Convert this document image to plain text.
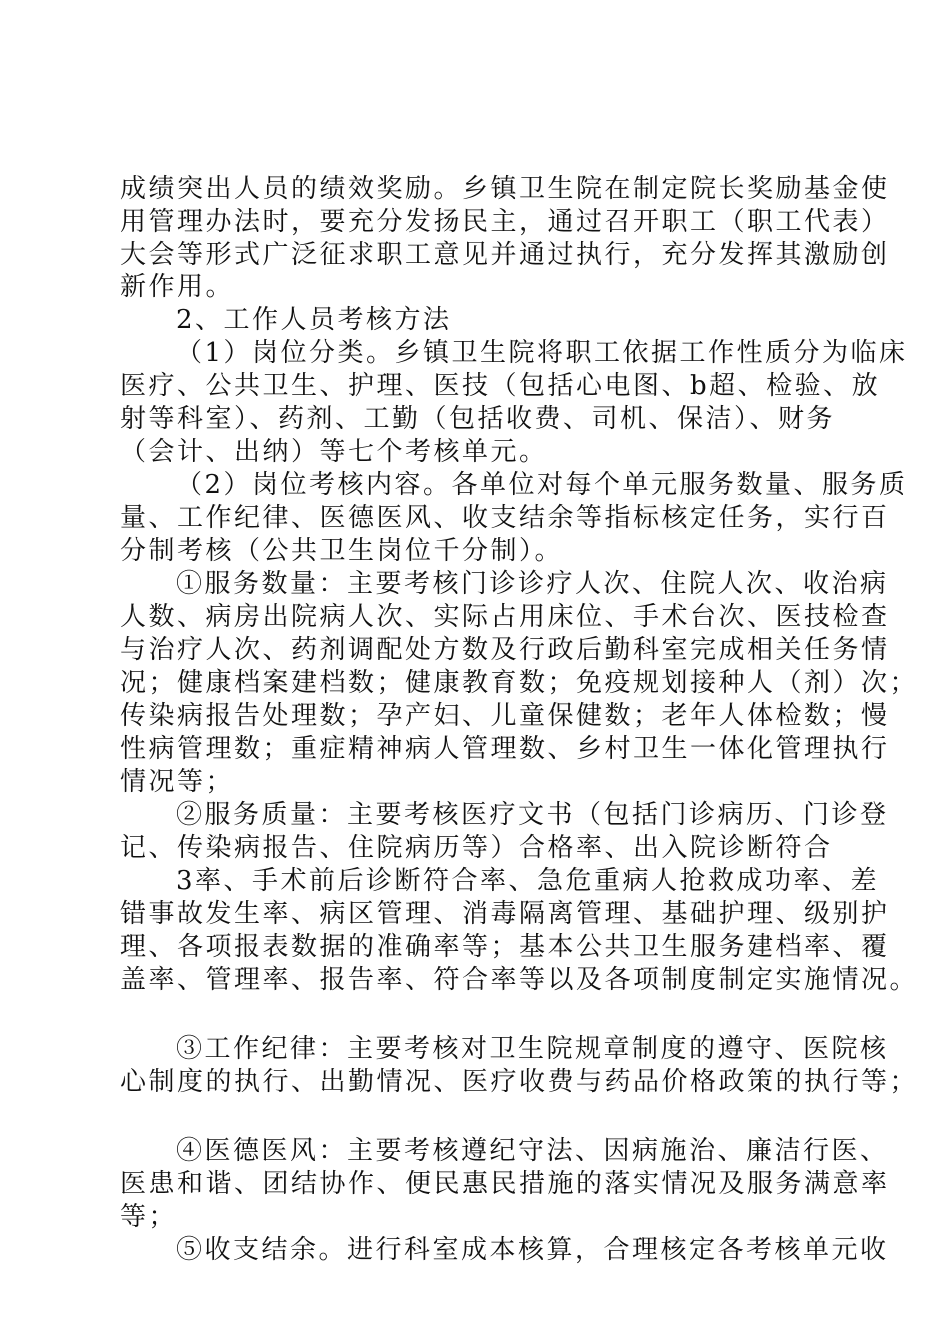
成绩突出人员的绩效奖励。乡镇卫生院在制定院长奖励基金使
用管理办法时，要充分发扬民主，通过召开职工（职工代表）
大会等形式广泛征求职工意见并通过执行，充分发挥其激励创
新作用。
2、工作人员考核方法
（1）岗位分类。乡镇卫生院将职工依据工作性质分为临床
医疗、公共卫生、护理、医技（包括心电图、b超、检验、放
射等科室）、药剂、工勤（包括收费、司机、保洁）、财务
（会计、出纳）等七个考核单元。
（2）岗位考核内容。各单位对每个单元服务数量、服务质
量、工作纪律、医德医风、收支结余等指标核定任务，实行百
分制考核（公共卫生岗位千分制）。
①服务数量：主要考核门诊诊疗人次、住院人次、收治病
人数、病房出院病人次、实际占用床位、手术台次、医技检查
与治疗人次、药剂调配处方数及行政后勤科室完成相关任务情
况；健康档案建档数；健康教育数；免疫规划接种人（剂）次；
传染病报告处理数；孕产妇、儿童保健数；老年人体检数；慢
性病管理数；重症精神病人管理数、乡村卫生一体化管理执行
情况等；
②服务质量：主要考核医疗文书（包括门诊病历、门诊登
记、传染病报告、住院病历等）合格率、出入院诊断符合
3率、手术前后诊断符合率、急危重病人抢救成功率、差
错事故发生率、病区管理、消毒隔离管理、基础护理、级别护
理、各项报表数据的准确率等；基本公共卫生服务建档率、覆
盖率、管理率、报告率、符合率等以及各项制度制定实施情况。
③工作纪律：主要考核对卫生院规章制度的遵守、医院核
心制度的执行、出勤情况、医疗收费与药品价格政策的执行等；
④医德医风：主要考核遵纪守法、因病施治、廉洁行医、
医患和谐、团结协作、便民惠民措施的落实情况及服务满意率
等；
⑤收支结余。进行科室成本核算，合理核定各考核单元收
